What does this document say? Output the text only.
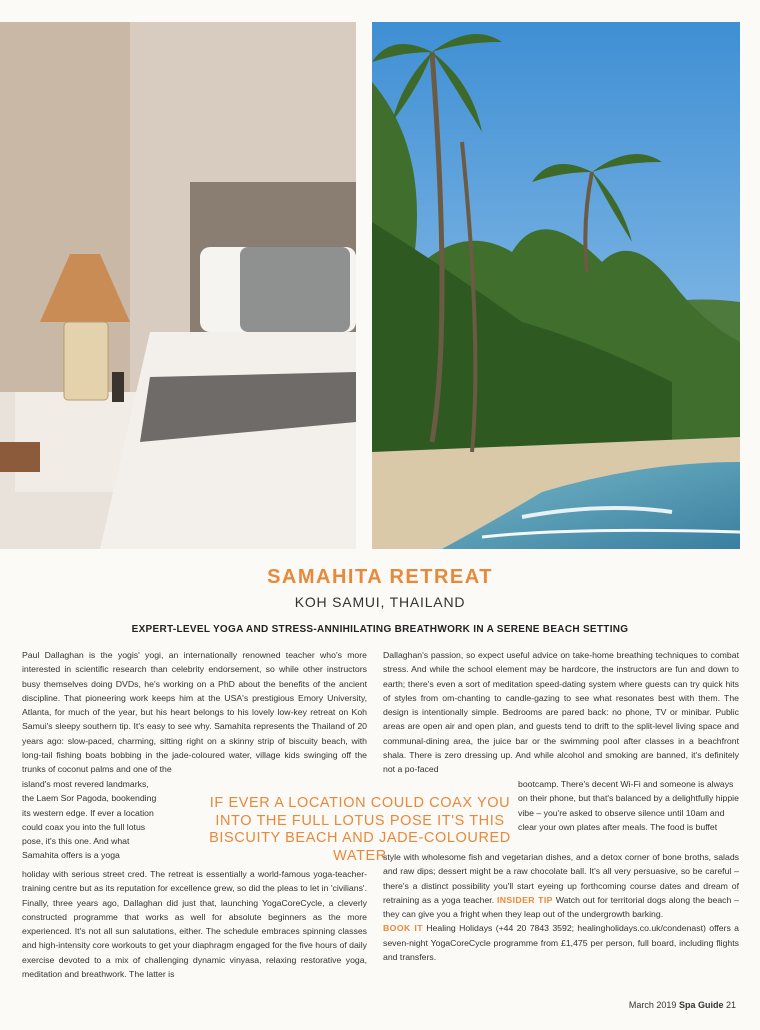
SAMAHITA RETREAT
KOH SAMUI, THAILAND
EXPERT-LEVEL YOGA AND STRESS-ANNIHILATING BREATHWORK IN A SERENE BEACH SETTING
Paul Dallaghan is the yogis' yogi, an internationally renowned teacher who's more interested in scientific research than celebrity endorsement, so while other instructors busy themselves doing DVDs, he's working on a PhD about the benefits of the ancient discipline. That pioneering work keeps him at the USA's prestigious Emory University, Atlanta, for much of the year, but his heart belongs to his lovely low-key retreat on Koh Samui's sleepy southern tip. It's easy to see why. Samahita represents the Thailand of 20 years ago: slow-paced, charming, sitting right on a skinny strip of biscuity beach, with long-tail fishing boats bobbing in the jade-coloured water, village kids swinging off the trunks of coconut palms and one of the
island's most revered landmarks, the Laem Sor Pagoda, bookending its western edge. If ever a location could coax you into the full lotus pose, it's this one. And what Samahita offers is a yoga
holiday with serious street cred. The retreat is essentially a world-famous yoga-teacher-training centre but as its reputation for excellence grew, so did the pleas to let in 'civilians'. Finally, three years ago, Dallaghan did just that, launching YogaCoreCycle, a cleverly constructed programme that works as well for absolute beginners as the more experienced. It's not all sun salutations, either. The schedule embraces spinning classes and high-intensity core workouts to get your diaphragm engaged for the five hours of daily exercise devoted to a mix of challenging dynamic vinyasa, relaxing restorative yoga, meditation and breathwork. The latter is
Dallaghan's passion, so expect useful advice on take-home breathing techniques to combat stress. And while the school element may be hardcore, the instructors are fun and down to earth; there's even a sort of meditation speed-dating system where guests can try quick hits of styles from om-chanting to candle-gazing to see what resonates best with them. The design is intentionally simple. Bedrooms are pared back: no phone, TV or minibar. Public areas are open air and open plan, and guests tend to drift to the split-level living space and communal-dining area, the juice bar or the swimming pool after classes in a beachfront shala. There is zero dressing up. And while alcohol and smoking are banned, it's definitely not a po-faced
bootcamp. There's decent Wi-Fi and someone is always on their phone, but that's balanced by a delightfully hippie vibe – you're asked to observe silence until 10am and clear your own plates after meals. The food is buffet
style with wholesome fish and vegetarian dishes, and a detox corner of bone broths, salads and raw dips; dessert might be a raw chocolate ball. It's all very persuasive, so be careful – there's a distinct possibility you'll start eyeing up forthcoming course dates and dream of retraining as a yoga teacher. INSIDER TIP Watch out for territorial dogs along the beach – they can give you a fright when they leap out of the undergrowth barking.
BOOK IT Healing Holidays (+44 20 7843 3592; healingholidays.co.uk/condenast) offers a seven-night YogaCoreCycle programme from £1,475 per person, full board, including flights and transfers.
IF EVER A LOCATION COULD COAX YOU INTO THE FULL LOTUS POSE IT'S THIS BISCUITY BEACH AND JADE-COLOURED WATER
March 2019 Spa Guide 21
